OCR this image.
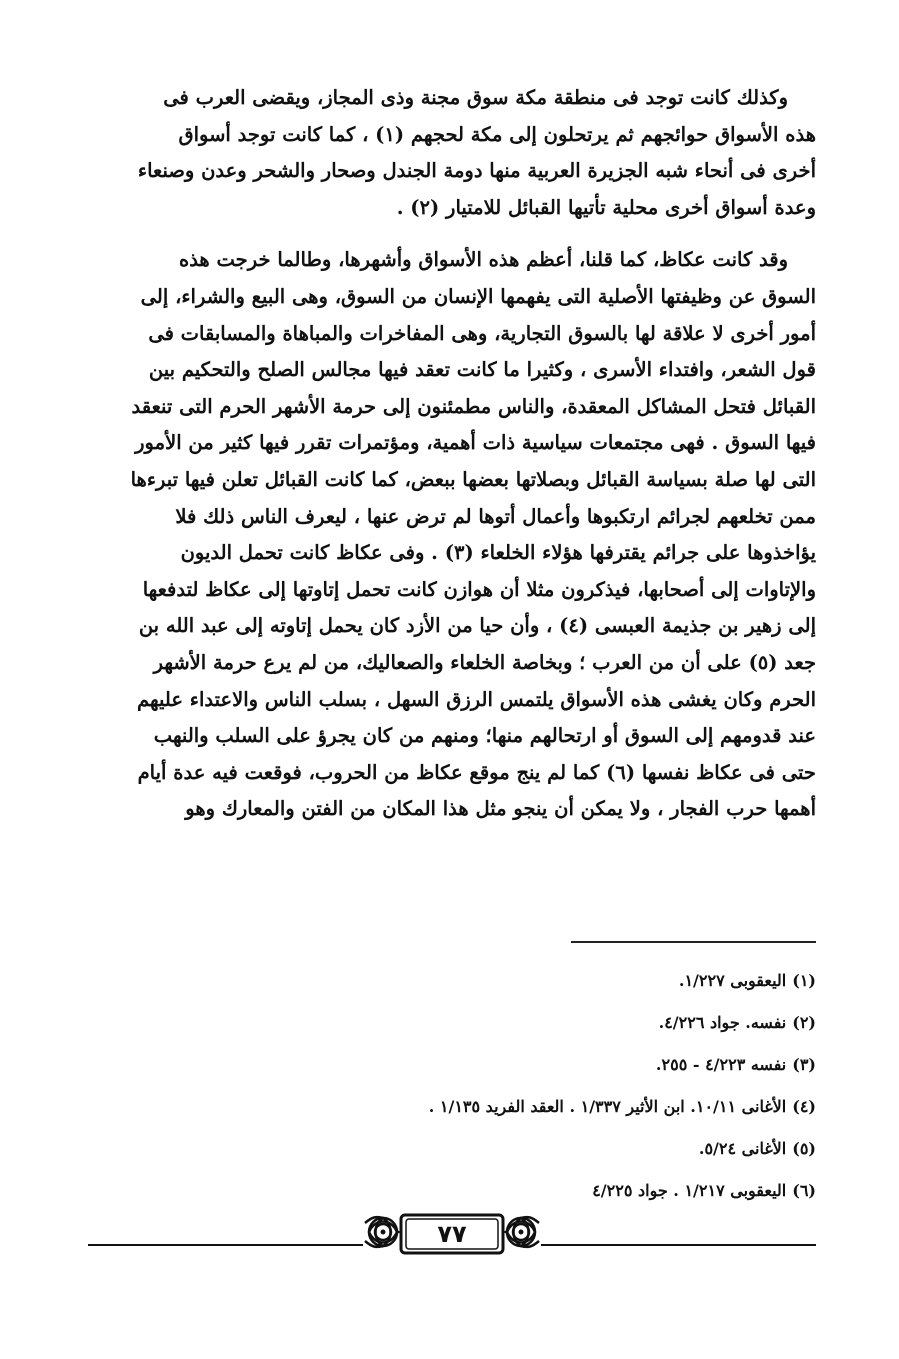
وكذلك كانت توجد فى منطقة مكة سوق مجنة وذى المجاز، ويقضى العرب فى
هذه الأسواق حوائجهم ثم يرتحلون إلى مكة لحجهم (١) ، كما كانت توجد أسواق
أخرى فى أنحاء شبه الجزيرة العربية منها دومة الجندل وصحار والشحر وعدن وصنعاء
وعدة أسواق أخرى محلية تأتيها القبائل للامتيار (٢) .
وقد كانت عكاظ، كما قلنا، أعظم هذه الأسواق وأشهرها، وطالما خرجت هذه
السوق عن وظيفتها الأصلية التى يفهمها الإنسان من السوق، وهى البيع والشراء، إلى
أمور أخرى لا علاقة لها بالسوق التجارية، وهى المفاخرات والمباهاة والمسابقات فى
قول الشعر، وافتداء الأسرى ، وكثيرا ما كانت تعقد فيها مجالس الصلح والتحكيم بين
القبائل فتحل المشاكل المعقدة، والناس مطمئنون إلى حرمة الأشهر الحرم التى تنعقد
فيها السوق . فهى مجتمعات سياسية ذات أهمية، ومؤتمرات تقرر فيها كثير من الأمور
التى لها صلة بسياسة القبائل وبصلاتها بعضها ببعض، كما كانت القبائل تعلن فيها تبرءها
ممن تخلعهم لجرائم ارتكبوها وأعمال أتوها لم ترض عنها ، ليعرف الناس ذلك فلا
يؤاخذوها على جرائم يقترفها هؤلاء الخلعاء (٣) . وفى عكاظ كانت تحمل الديون
والإتاوات إلى أصحابها، فيذكرون مثلا أن هوازن كانت تحمل إتاوتها إلى عكاظ لتدفعها
إلى زهير بن جذيمة العبسى (٤) ، وأن حيا من الأزد كان يحمل إتاوته إلى عبد الله بن
جعد (٥) على أن من العرب ؛ وبخاصة الخلعاء والصعاليك، من لم يرع حرمة الأشهر
الحرم وكان يغشى هذه الأسواق يلتمس الرزق السهل ، بسلب الناس والاعتداء عليهم
عند قدومهم إلى السوق أو ارتحالهم منها؛ ومنهم من كان يجرؤ على السلب والنهب
حتى فى عكاظ نفسها (٦) كما لم ينج موقع عكاظ من الحروب، فوقعت فيه عدة أيام
أهمها حرب الفجار ، ولا يمكن أن ينجو مثل هذا المكان من الفتن والمعارك وهو
(١)
اليعقوبى ١/٢٢٧.
(٢)
نفسه. جواد ٤/٢٢٦.
(٣)
نفسه ٤/٢٢٣ - ٢٥٥.
(٤)
الأغانى ١٠/١١. ابن الأثير ١/٣٣٧ . العقد الفريد ١/١٣٥ .
(٥)
الأغانى ٥/٢٤.
(٦)
اليعقوبى ١/٢١٧ . جواد ٤/٢٢٥
٧٧
